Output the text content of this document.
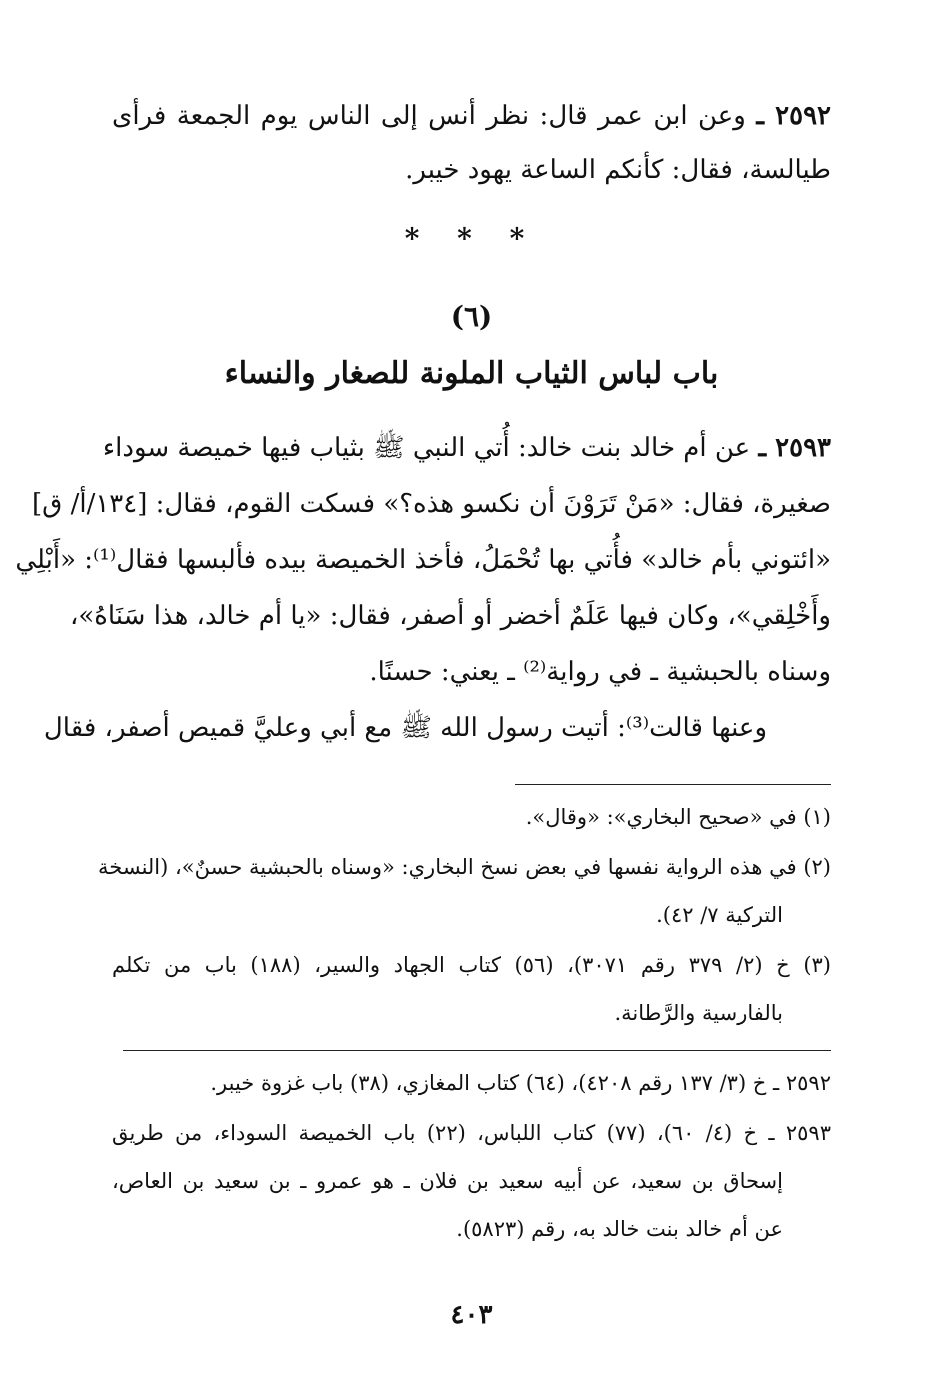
٢٥٩٢ ـ وعن ابن عمر قال: نظر أنس إلى الناس يوم الجمعة فرأى
طيالسة، فقال: كأنكم الساعة يهود خيبر.
* * *
(٦)
باب لباس الثياب الملونة للصغار والنساء
٢٥٩٣ ـ عن أم خالد بنت خالد: أُتي النبي ﷺ بثياب فيها خميصة سوداء
صغيرة، فقال: «مَنْ تَرَوْنَ أن نكسو هذه؟» فسكت القوم، فقال: [١٣٤/أ/ ق]
«ائتوني بأم خالد» فأُتي بها تُحْمَلُ، فأخذ الخميصة بيده فألبسها فقال⁽¹⁾: «أَبْلِي
وأَخْلِقي»، وكان فيها عَلَمٌ أخضر أو أصفر، فقال: «يا أم خالد، هذا سَنَاهُ»،
وسناه بالحبشية ـ في رواية⁽²⁾ ـ يعني: حسنًا.
وعنها قالت⁽³⁾: أتيت رسول الله ﷺ مع أبي وعليَّ قميص أصفر، فقال
(١) في «صحيح البخاري»: «وقال».
(٢) في هذه الرواية نفسها في بعض نسخ البخاري: «وسناه بالحبشية حسنٌ»، (النسخة
التركية ٧/ ٤٢).
(٣) خ (٢/ ٣٧٩ رقم ٣٠٧١)، (٥٦) كتاب الجهاد والسير، (١٨٨) باب من تكلم
بالفارسية والرَّطانة.
٢٥٩٢ ـ خ (٣/ ١٣٧ رقم ٤٢٠٨)، (٦٤) كتاب المغازي، (٣٨) باب غزوة خيبر.
٢٥٩٣ ـ خ (٤/ ٦٠)، (٧٧) كتاب اللباس، (٢٢) باب الخميصة السوداء، من طريق
إسحاق بن سعيد، عن أبيه سعيد بن فلان ـ هو عمرو ـ بن سعيد بن العاص،
عن أم خالد بنت خالد به، رقم (٥٨٢٣).
٤٠٣
